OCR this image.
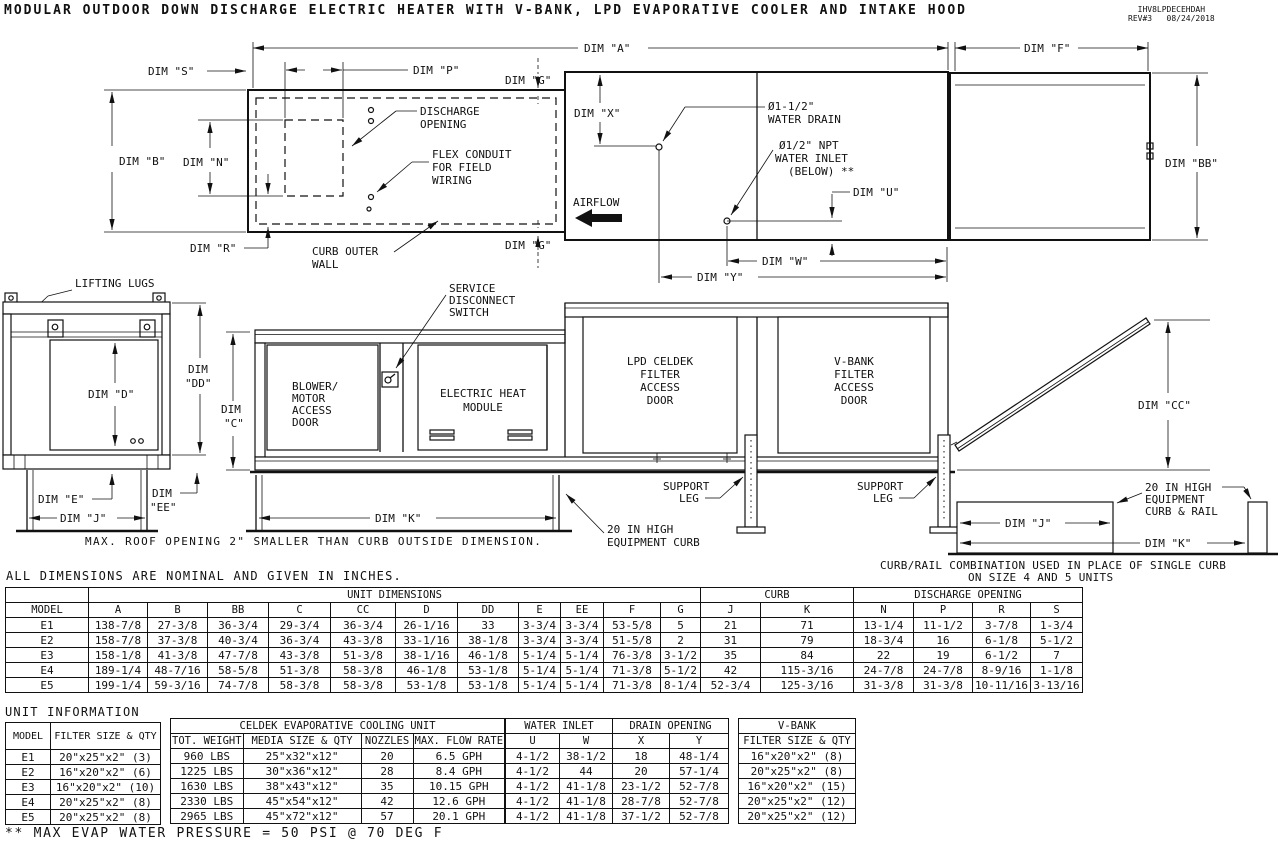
MODULAR OUTDOOR DOWN DISCHARGE ELECTRIC HEATER WITH V-BANK, LPD EVAPORATIVE COOLER AND INTAKE HOOD	IHV8LPDECEHDAH
REV#3   08/24/2018
DIM "A"	DIM "F"
DIM "S"	DIM "P"
DIM "G"
DIM "G"
DIM "B" DIM "N"
DIM "R"
DISCHARGE
OPENING
FLEX CONDUIT
FOR FIELD
WIRING
CURB OUTER
WALL
DIM "X"
Ø1-1/2"
WATER DRAIN
Ø1/2" NPT
WATER INLET
(BELOW) **
DIM "U"
AIRFLOW
DIM "W"
DIM "Y"
DIM "BB"
LIFTING LUGS
DIM "D"
DIM "E"	DIM
"EE"
DIM "J"
DIM
"DD"
DIM
"C"
BLOWER/
MOTOR
ACCESS
DOOR
SERVICE
DISCONNECT
SWITCH
ELECTRIC HEAT
MODULE
LPD CELDEK
FILTER
ACCESS
DOOR
V-BANK
FILTER
ACCESS
DOOR
SUPPORT
LEG
SUPPORT
LEG
DIM "K"
20 IN HIGH
EQUIPMENT CURB
DIM "CC"
DIM "J"
DIM "K"
20 IN HIGH
EQUIPMENT
CURB & RAIL
MAX. ROOF OPENING 2" SMALLER THAN CURB OUTSIDE DIMENSION.
CURB/RAIL COMBINATION USED IN PLACE OF SINGLE CURB
ON SIZE 4 AND 5 UNITS
ALL DIMENSIONS ARE NOMINAL AND GIVEN IN INCHES.
	UNIT DIMENSIONS											CURB		DISCHARGE OPENING			
MODEL	A	B	BB	C	CC	D	DD	E	EE	F	G	J	K	N	P	R	S
E1	138-7/8	27-3/8	36-3/4	29-3/4	36-3/4	26-1/16	33	3-3/4	3-3/4	53-5/8	5	21	71	13-1/4	11-1/2	3-7/8	1-3/4
E2	158-7/8	37-3/8	40-3/4	36-3/4	43-3/8	33-1/16	38-1/8	3-3/4	3-3/4	51-5/8	2	31	79	18-3/4	16	6-1/8	5-1/2
E3	158-1/8	41-3/8	47-7/8	43-3/8	51-3/8	38-1/16	46-1/8	5-1/4	5-1/4	76-3/8	3-1/2	35	84	22	19	6-1/2	7
E4	189-1/4	48-7/16	58-5/8	51-3/8	58-3/8	46-1/8	53-1/8	5-1/4	5-1/4	71-3/8	5-1/2	42	115-3/16	24-7/8	24-7/8	8-9/16	1-1/8
E5	199-1/4	59-3/16	74-7/8	58-3/8	58-3/8	53-1/8	53-1/8	5-1/4	5-1/4	71-3/8	8-1/4	52-3/4	125-3/16	31-3/8	31-3/8	10-11/16	3-13/16
UNIT INFORMATION
MODEL	FILTER SIZE & QTY
E1	20"x25"x2" (3)
E2	16"x20"x2" (6)
E3	16"x20"x2" (10)
E4	20"x25"x2" (8)
E5	20"x25"x2" (8)
CELDEK EVAPORATIVE COOLING UNIT			
TOT. WEIGHT	MEDIA SIZE & QTY	NOZZLES	MAX. FLOW RATE
960 LBS	25"x32"x12"	20	6.5 GPH
1225 LBS	30"x36"x12"	28	8.4 GPH
1630 LBS	38"x43"x12"	35	10.15 GPH
2330 LBS	45"x54"x12"	42	12.6 GPH
2965 LBS	45"x72"x12"	57	20.1 GPH
WATER INLET		DRAIN OPENING	
U	W	X	Y
4-1/2	38-1/2	18	48-1/4
4-1/2	44	20	57-1/4
4-1/2	41-1/8	23-1/2	52-7/8
4-1/2	41-1/8	28-7/8	52-7/8
4-1/2	41-1/8	37-1/2	52-7/8
V-BANK
FILTER SIZE & QTY
16"x20"x2" (8)
20"x25"x2" (8)
16"x20"x2" (15)
20"x25"x2" (12)
20"x25"x2" (12)
** MAX EVAP WATER PRESSURE = 50 PSI @ 70 DEG F
